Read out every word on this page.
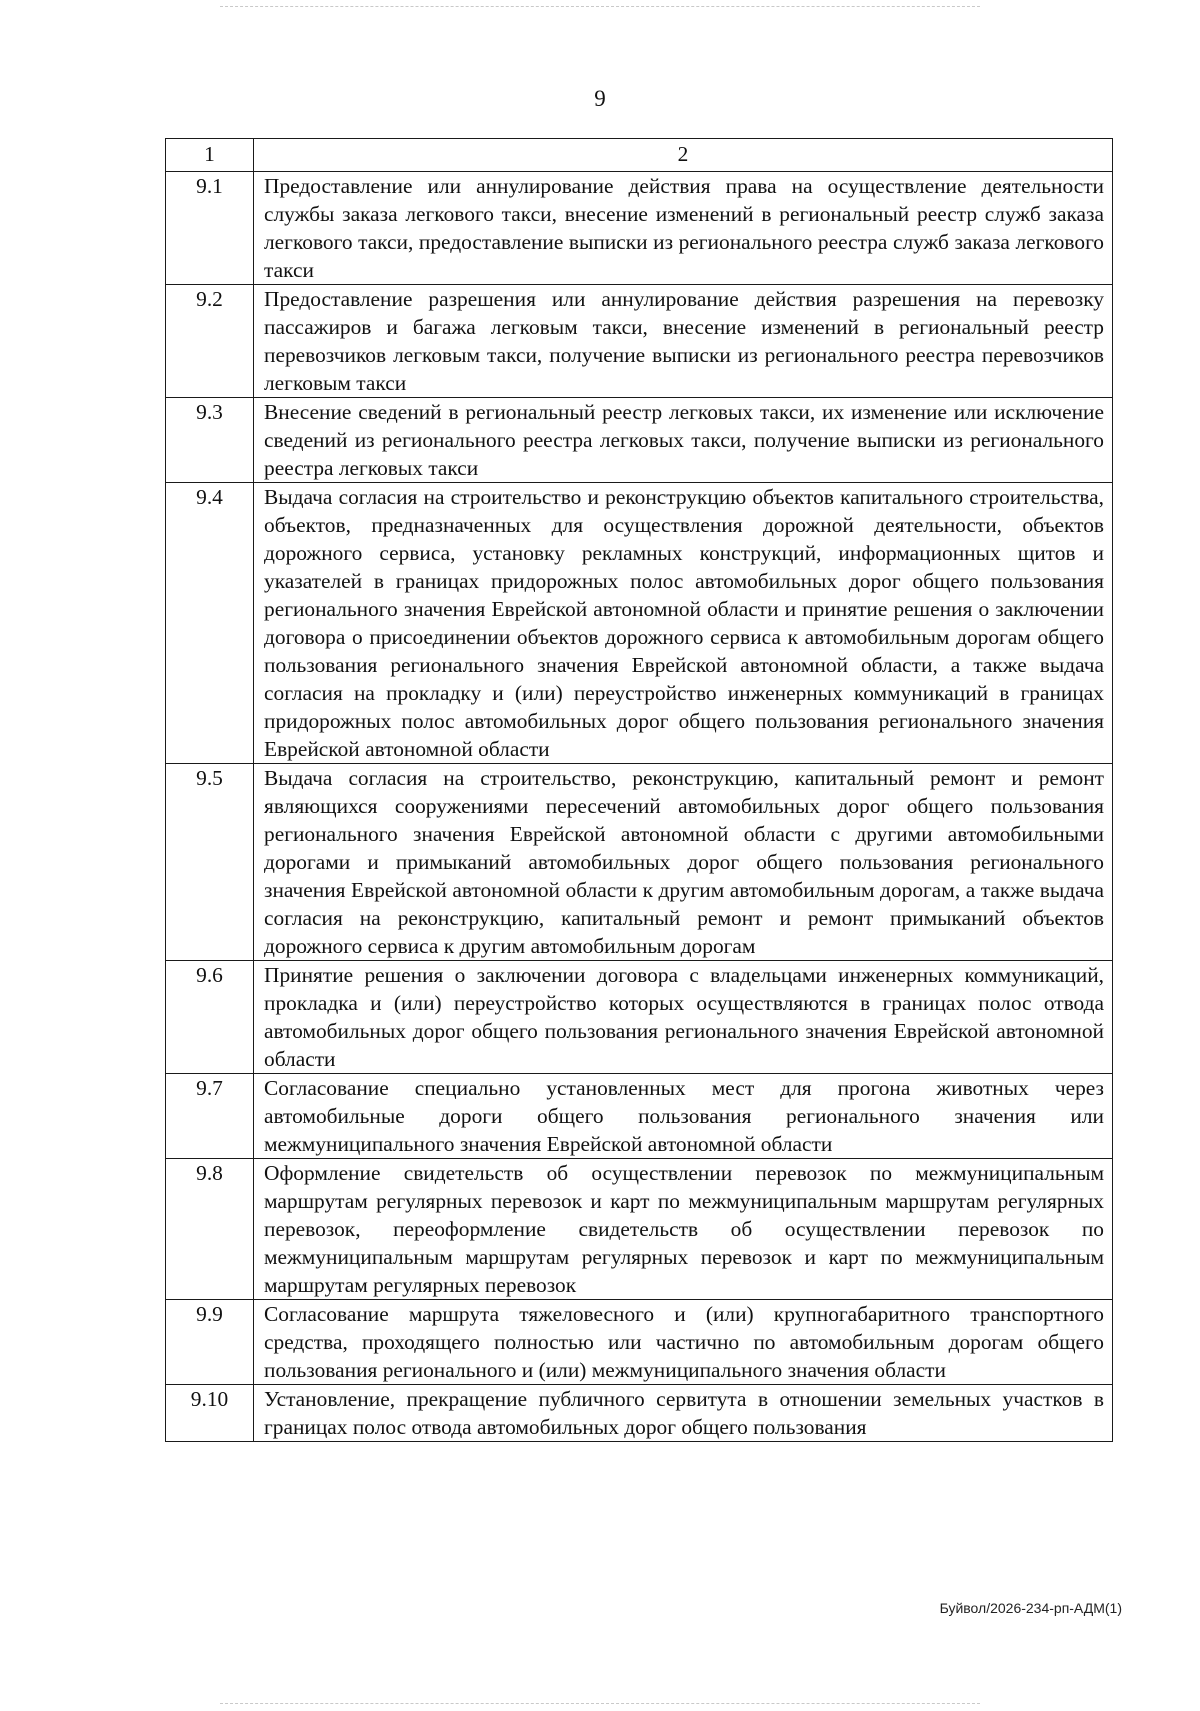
9
1	2
9.1	Предоставление или аннулирование действия права на осуществление деятельности службы заказа легкового такси, внесение изменений в региональный реестр служб заказа легкового такси, предоставление выписки из регионального реестра служб заказа легкового такси
9.2	Предоставление разрешения или аннулирование действия разрешения на перевозку пассажиров и багажа легковым такси, внесение изменений в региональный реестр перевозчиков легковым такси, получение выписки из регионального реестра перевозчиков легковым такси
9.3	Внесение сведений в региональный реестр легковых такси, их изменение или исключение сведений из регионального реестра легковых такси, получение выписки из регионального реестра легковых такси
9.4	Выдача согласия на строительство и реконструкцию объектов капитального строительства, объектов, предназначенных для осуществления дорожной деятельности, объектов дорожного сервиса, установку рекламных конструкций, информационных щитов и указателей в границах придорожных полос автомобильных дорог общего пользования регионального значения Еврейской автономной области и принятие решения о заключении договора о присоединении объектов дорожного сервиса к автомобильным дорогам общего пользования регионального значения Еврейской автономной области, а также выдача согласия на прокладку и (или) переустройство инженерных коммуникаций в границах придорожных полос автомобильных дорог общего пользования регионального значения Еврейской автономной области
9.5	Выдача согласия на строительство, реконструкцию, капитальный ремонт и ремонт являющихся сооружениями пересечений автомобильных дорог общего пользования регионального значения Еврейской автономной области с другими автомобильными дорогами и примыканий автомобильных дорог общего пользования регионального значения Еврейской автономной области к другим автомобильным дорогам, а также выдача согласия на реконструкцию, капитальный ремонт и ремонт примыканий объектов дорожного сервиса к другим автомобильным дорогам
9.6	Принятие решения о заключении договора с владельцами инженерных коммуникаций, прокладка и (или) переустройство которых осуществляются в границах полос отвода автомобильных дорог общего пользования регионального значения Еврейской автономной области
9.7	Согласование специально установленных мест для прогона животных через автомобильные дороги общего пользования регионального значения или межмуниципального значения Еврейской автономной области
9.8	Оформление свидетельств об осуществлении перевозок по межмуниципальным маршрутам регулярных перевозок и карт по межмуниципальным маршрутам регулярных перевозок, переоформление свидетельств об осуществлении перевозок по межмуниципальным маршрутам регулярных перевозок и карт по межмуниципальным маршрутам регулярных перевозок
9.9	Согласование маршрута тяжеловесного и (или) крупногабаритного транспортного средства, проходящего полностью или частично по автомобильным дорогам общего пользования регионального и (или) межмуниципального значения области
9.10	Установление, прекращение публичного сервитута в отношении земельных участков в границах полос отвода автомобильных дорог общего пользования
Буйвол/2026-234-рп-АДМ(1)
